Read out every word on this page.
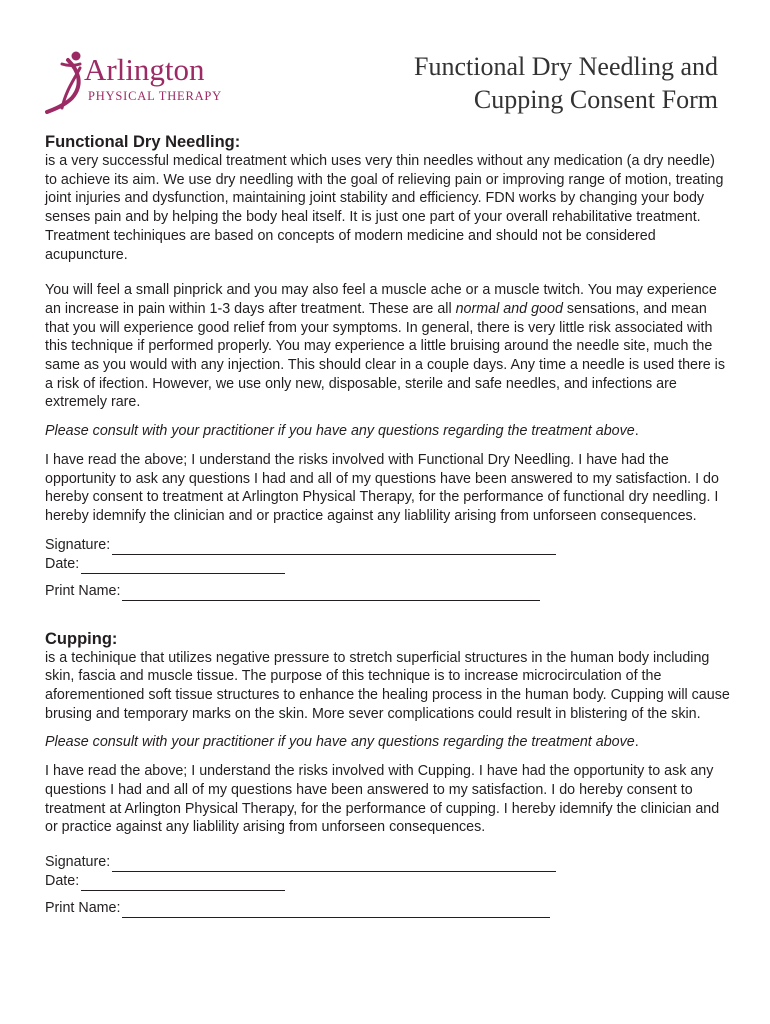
Arlington
PHYSICAL THERAPY
Functional Dry Needling and
Cupping Consent Form

Functional Dry Needling:

is a very successful medical treatment which uses very thin needles without any medication (a dry needle) to achieve its aim. We use dry needling with the goal of relieving pain or improving range of motion, treating joint injuries and dysfunction, maintaining joint stability and efficiency. FDN works by changing your body senses pain and by helping the body heal itself. It is just one part of your overall rehabilitative treatment. Treatment techiniques are based on concepts of modern medicine and should not be considered acupuncture.

You will feel a small pinprick and you may also feel a muscle ache or a muscle twitch. You may experience an increase in pain within 1-3 days after treatment. These are all normal and good sensations, and mean that you will experience good relief from your symptoms. In general, there is very little risk associated with this technique if performed properly. You may experience a little bruising around the needle site, much the same as you would with any injection. This should clear in a couple days. Any time a needle is used there is a risk of ifection. However, we use only new, disposable, sterile and safe needles, and infections are extremely rare.

Please consult with your practitioner if you have any questions regarding the treatment above.

I have read the above; I understand the risks involved with Functional Dry Needling. I have had the opportunity to ask any questions I had and all of my questions have been answered to my satisfaction. I do hereby consent to treatment at Arlington Physical Therapy, for the performance of functional dry needling. I hereby idemnify the clinician and or practice against any liablility arising from unforseen consequences.

Signature:
Date:
Print Name:

Cupping:

is a techinique that utilizes negative pressure to stretch superficial structures in the human body including skin, fascia and muscle tissue. The purpose of this technique is to increase microcirculation of the aforementioned soft tissue structures to enhance the healing process in the human body. Cupping will cause brusing and temporary marks on the skin. More sever complications could result in blistering of the skin.

Please consult with your practitioner if you have any questions regarding the treatment above.

I have read the above; I understand the risks involved with Cupping. I have had the opportunity to ask any questions I had and all of my questions have been answered to my satisfaction. I do hereby consent to treatment at Arlington Physical Therapy, for the performance of cupping. I hereby idemnify the clinician and or practice against any liablility arising from unforseen consequences.

Signature:
Date:
Print Name:
